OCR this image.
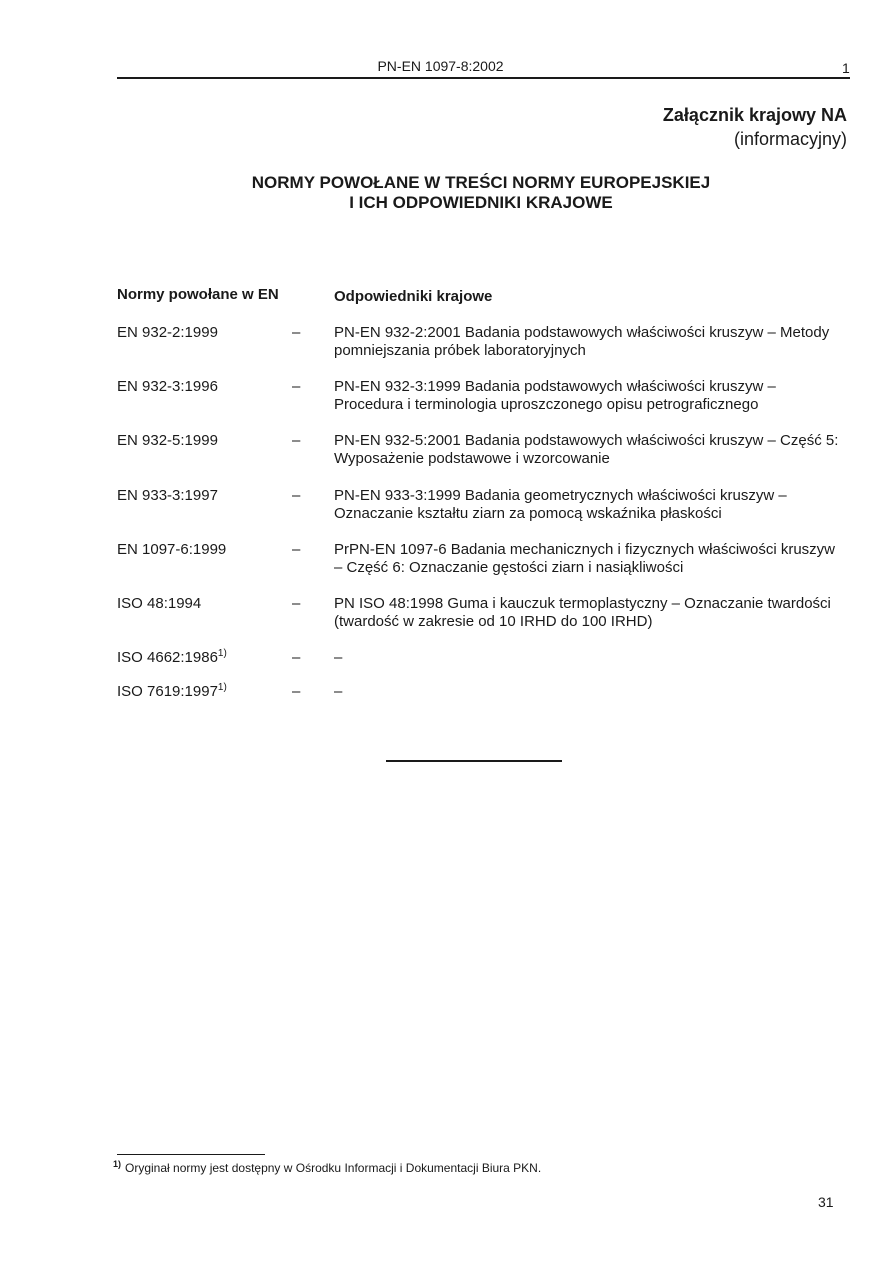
PN-EN 1097-8:2002	1
Załącznik krajowy NA
(informacyjny)
NORMY POWOŁANE W TREŚCI NORMY EUROPEJSKIEJ
I ICH ODPOWIEDNIKI KRAJOWE
Normy powołane w EN	Odpowiedniki krajowe
EN 932-2:1999	– PN-EN 932-2:2001 Badania podstawowych właściwości kruszyw – Metody pomniejszania próbek laboratoryjnych
EN 932-3:1996	– PN-EN 932-3:1999 Badania podstawowych właściwości kruszyw – Procedura i terminologia uproszczonego opisu petrograficznego
EN 932-5:1999	– PN-EN 932-5:2001 Badania podstawowych właściwości kruszyw – Część 5: Wyposażenie podstawowe i wzorcowanie
EN 933-3:1997	– PN-EN 933-3:1999 Badania geometrycznych właściwości kruszyw – Oznaczanie kształtu ziarn za pomocą wskaźnika płaskości
EN 1097-6:1999	– PrPN-EN 1097-6 Badania mechanicznych i fizycznych właściwości kruszyw – Część 6: Oznaczanie gęstości ziarn i nasiąkliwości
ISO 48:1994	– PN ISO 48:1998 Guma i kauczuk termoplastyczny – Oznaczanie twardości (twardość w zakresie od 10 IRHD do 100 IRHD)
ISO 4662:1986$^{1)}$	– –
ISO 7619:1997$^{1)}$	– –
$^{1)}$ Oryginał normy jest dostępny w Ośrodku Informacji i Dokumentacji Biura PKN.
31
